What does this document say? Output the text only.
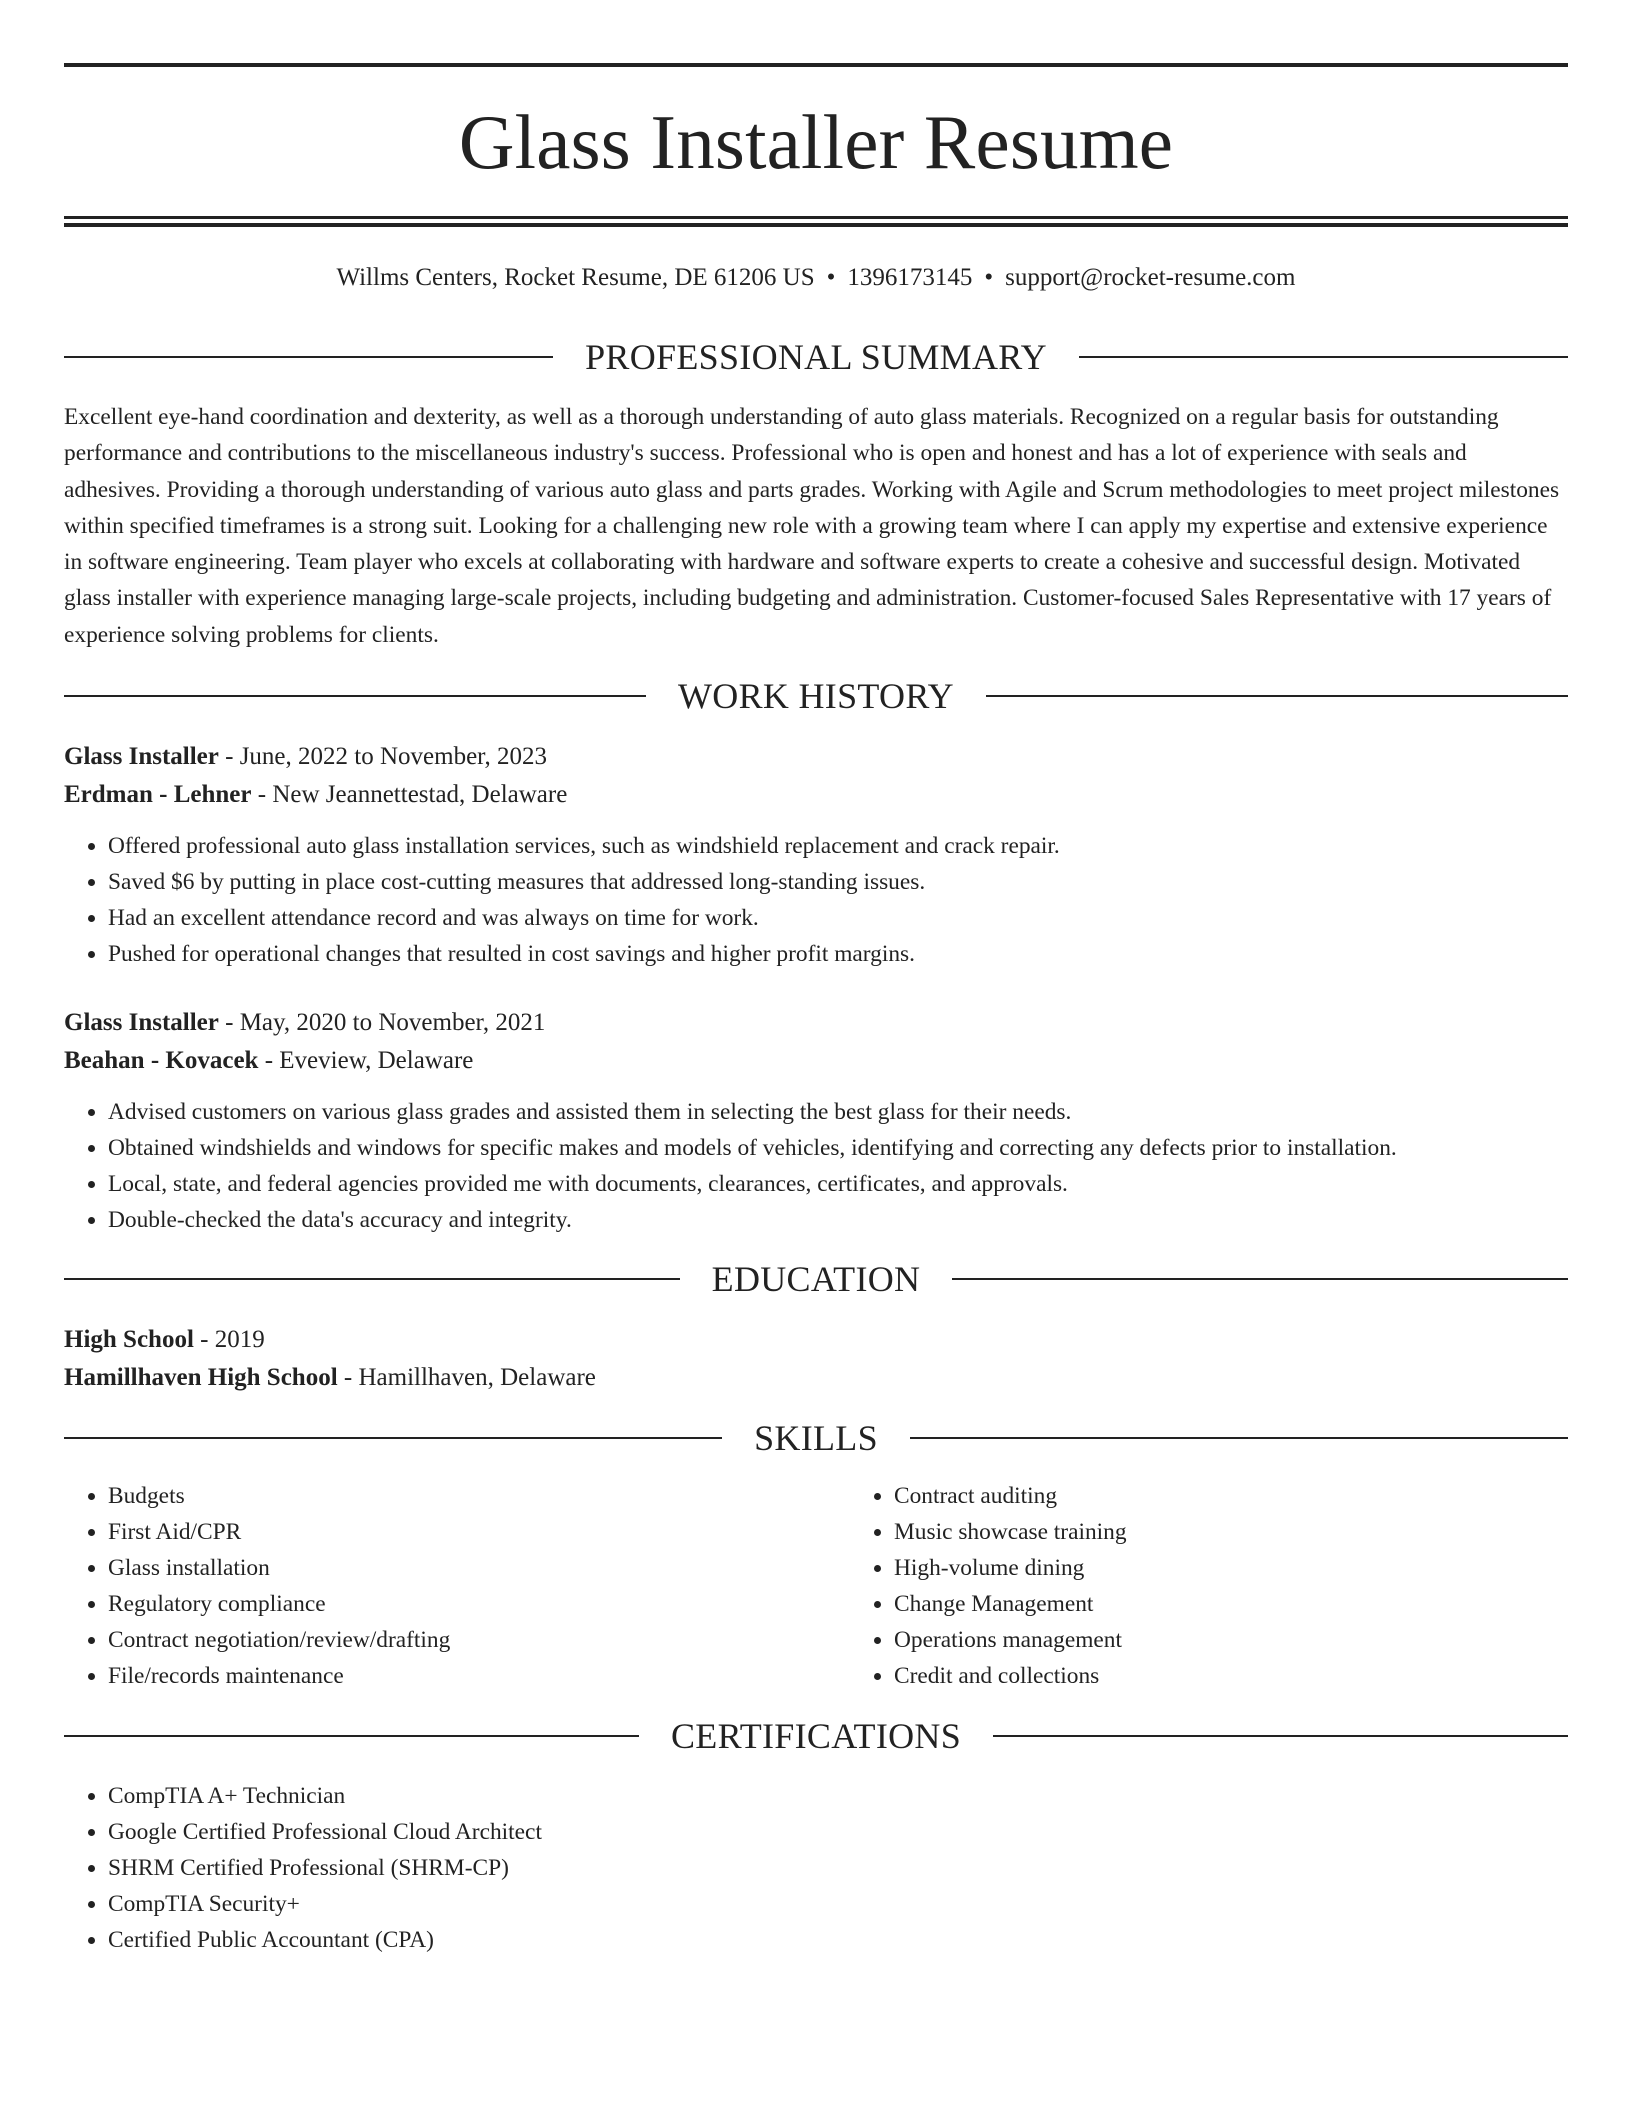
Glass Installer Resume
Willms Centers, Rocket Resume, DE 61206 US • 1396173145 • support@rocket-resume.com
PROFESSIONAL SUMMARY

Excellent eye-hand coordination and dexterity, as well as a thorough understanding of auto glass materials. Recognized on a regular basis for outstanding performance and contributions to the miscellaneous industry's success. Professional who is open and honest and has a lot of experience with seals and adhesives. Providing a thorough understanding of various auto glass and parts grades. Working with Agile and Scrum methodologies to meet project milestones within specified timeframes is a strong suit. Looking for a challenging new role with a growing team where I can apply my expertise and extensive experience in software engineering. Team player who excels at collaborating with hardware and software experts to create a cohesive and successful design. Motivated glass installer with experience managing large-scale projects, including budgeting and administration. Customer-focused Sales Representative with 17 years of experience solving problems for clients.

WORK HISTORY
Glass Installer - June, 2022 to November, 2023
Erdman - Lehner - New Jeannettestad, Delaware
• Offered professional auto glass installation services, such as windshield replacement and crack repair.
• Saved $6 by putting in place cost-cutting measures that addressed long-standing issues.
• Had an excellent attendance record and was always on time for work.
• Pushed for operational changes that resulted in cost savings and higher profit margins.
Glass Installer - May, 2020 to November, 2021
Beahan - Kovacek - Eveview, Delaware
• Advised customers on various glass grades and assisted them in selecting the best glass for their needs.
• Obtained windshields and windows for specific makes and models of vehicles, identifying and correcting any defects prior to installation.
• Local, state, and federal agencies provided me with documents, clearances, certificates, and approvals.
• Double-checked the data's accuracy and integrity.
EDUCATION
High School - 2019
Hamillhaven High School - Hamillhaven, Delaware
SKILLS
• Budgets
• First Aid/CPR
• Glass installation
• Regulatory compliance
• Contract negotiation/review/drafting
• File/records maintenance
• Contract auditing
• Music showcase training
• High-volume dining
• Change Management
• Operations management
• Credit and collections
CERTIFICATIONS
• CompTIA A+ Technician
• Google Certified Professional Cloud Architect
• SHRM Certified Professional (SHRM-CP)
• CompTIA Security+
• Certified Public Accountant (CPA)
